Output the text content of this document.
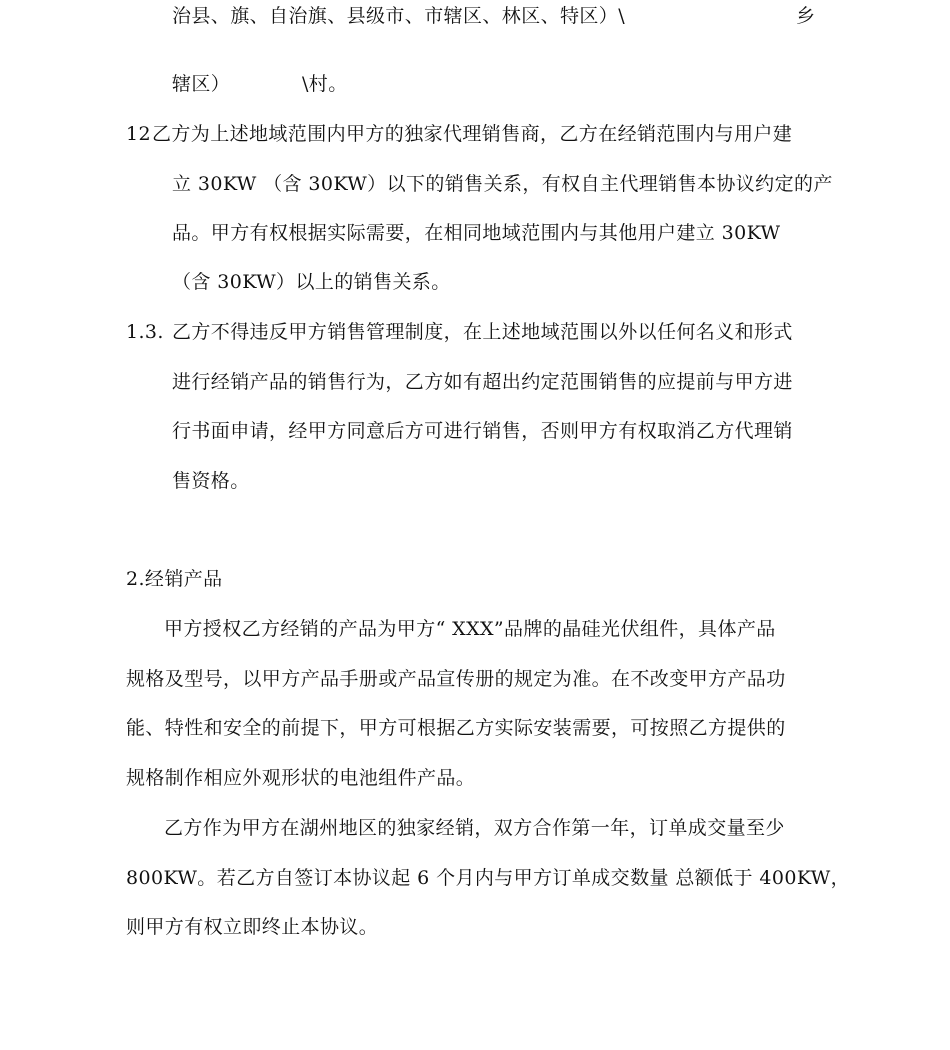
治县、旗、自治旗、县级市、市辖区、林区、特区）\	乡
辖区）	\村。
12 乙方为上述地域范围内甲方的独家代理销售商，乙方在经销范围内与用户建
立 30KW （含 30KW）以下的销售关系，有权自主代理销售本协议约定的产
品。甲方有权根据实际需要，在相同地域范围内与其他用户建立 30KW
（含 30KW）以上的销售关系。
1.3. 乙方不得违反甲方销售管理制度，在上述地域范围以外以任何名义和形式
进行经销产品的销售行为，乙方如有超出约定范围销售的应提前与甲方进
行书面申请，经甲方同意后方可进行销售，否则甲方有权取消乙方代理销
售资格。
2.经销产品
甲方授权乙方经销的产品为甲方“ XXX”品牌的晶硅光伏组件，具体产品
规格及型号，以甲方产品手册或产品宣传册的规定为准。在不改变甲方产品功
能、特性和安全的前提下，甲方可根据乙方实际安装需要，可按照乙方提供的
规格制作相应外观形状的电池组件产品。
乙方作为甲方在湖州地区的独家经销，双方合作第一年，订单成交量至少
800KW。若乙方自签订本协议起 6 个月内与甲方订单成交数量 总额低于 400KW，
则甲方有权立即终止本协议。
